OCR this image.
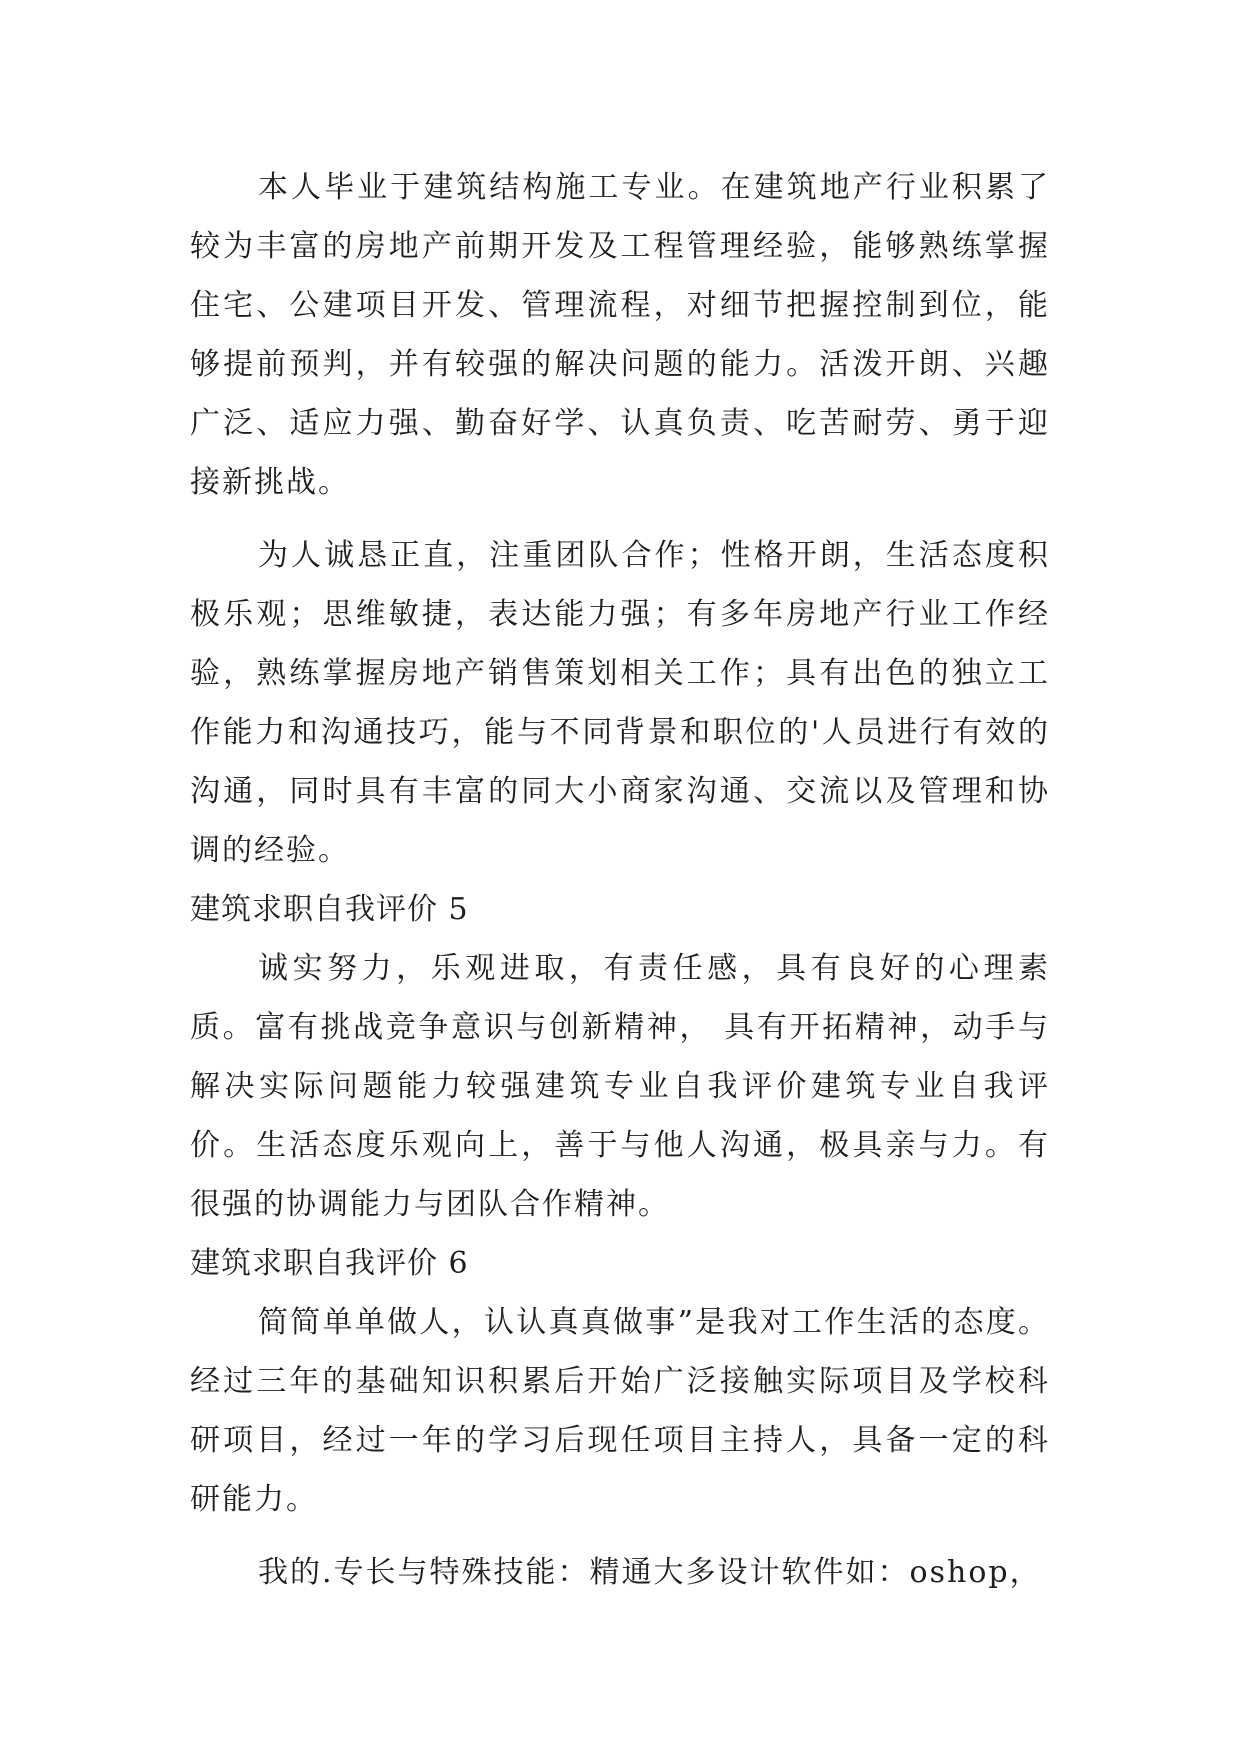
本人毕业于建筑结构施工专业。在建筑地产行业积累了较为丰富的房地产前期开发及工程管理经验，能够熟练掌握住宅、公建项目开发、管理流程，对细节把握控制到位，能够提前预判，并有较强的解决问题的能力。活泼开朗、兴趣广泛、适应力强、勤奋好学、认真负责、吃苦耐劳、勇于迎接新挑战。

为人诚恳正直，注重团队合作；性格开朗，生活态度积极乐观；思维敏捷，表达能力强；有多年房地产行业工作经验，熟练掌握房地产销售策划相关工作；具有出色的独立工作能力和沟通技巧，能与不同背景和职位的'人员进行有效的沟通，同时具有丰富的同大小商家沟通、交流以及管理和协调的经验。

建筑求职自我评价 5

诚实努力，乐观进取，有责任感，具有良好的心理素质。富有挑战竞争意识与创新精神， 具有开拓精神，动手与解决实际问题能力较强建筑专业自我评价建筑专业自我评价。生活态度乐观向上，善于与他人沟通，极具亲与力。有很强的协调能力与团队合作精神。

建筑求职自我评价 6

简简单单做人，认认真真做事”是我对工作生活的态度。经过三年的基础知识积累后开始广泛接触实际项目及学校科研项目，经过一年的学习后现任项目主持人，具备一定的科研能力。

我的.专长与特殊技能：精通大多设计软件如：oshop，
